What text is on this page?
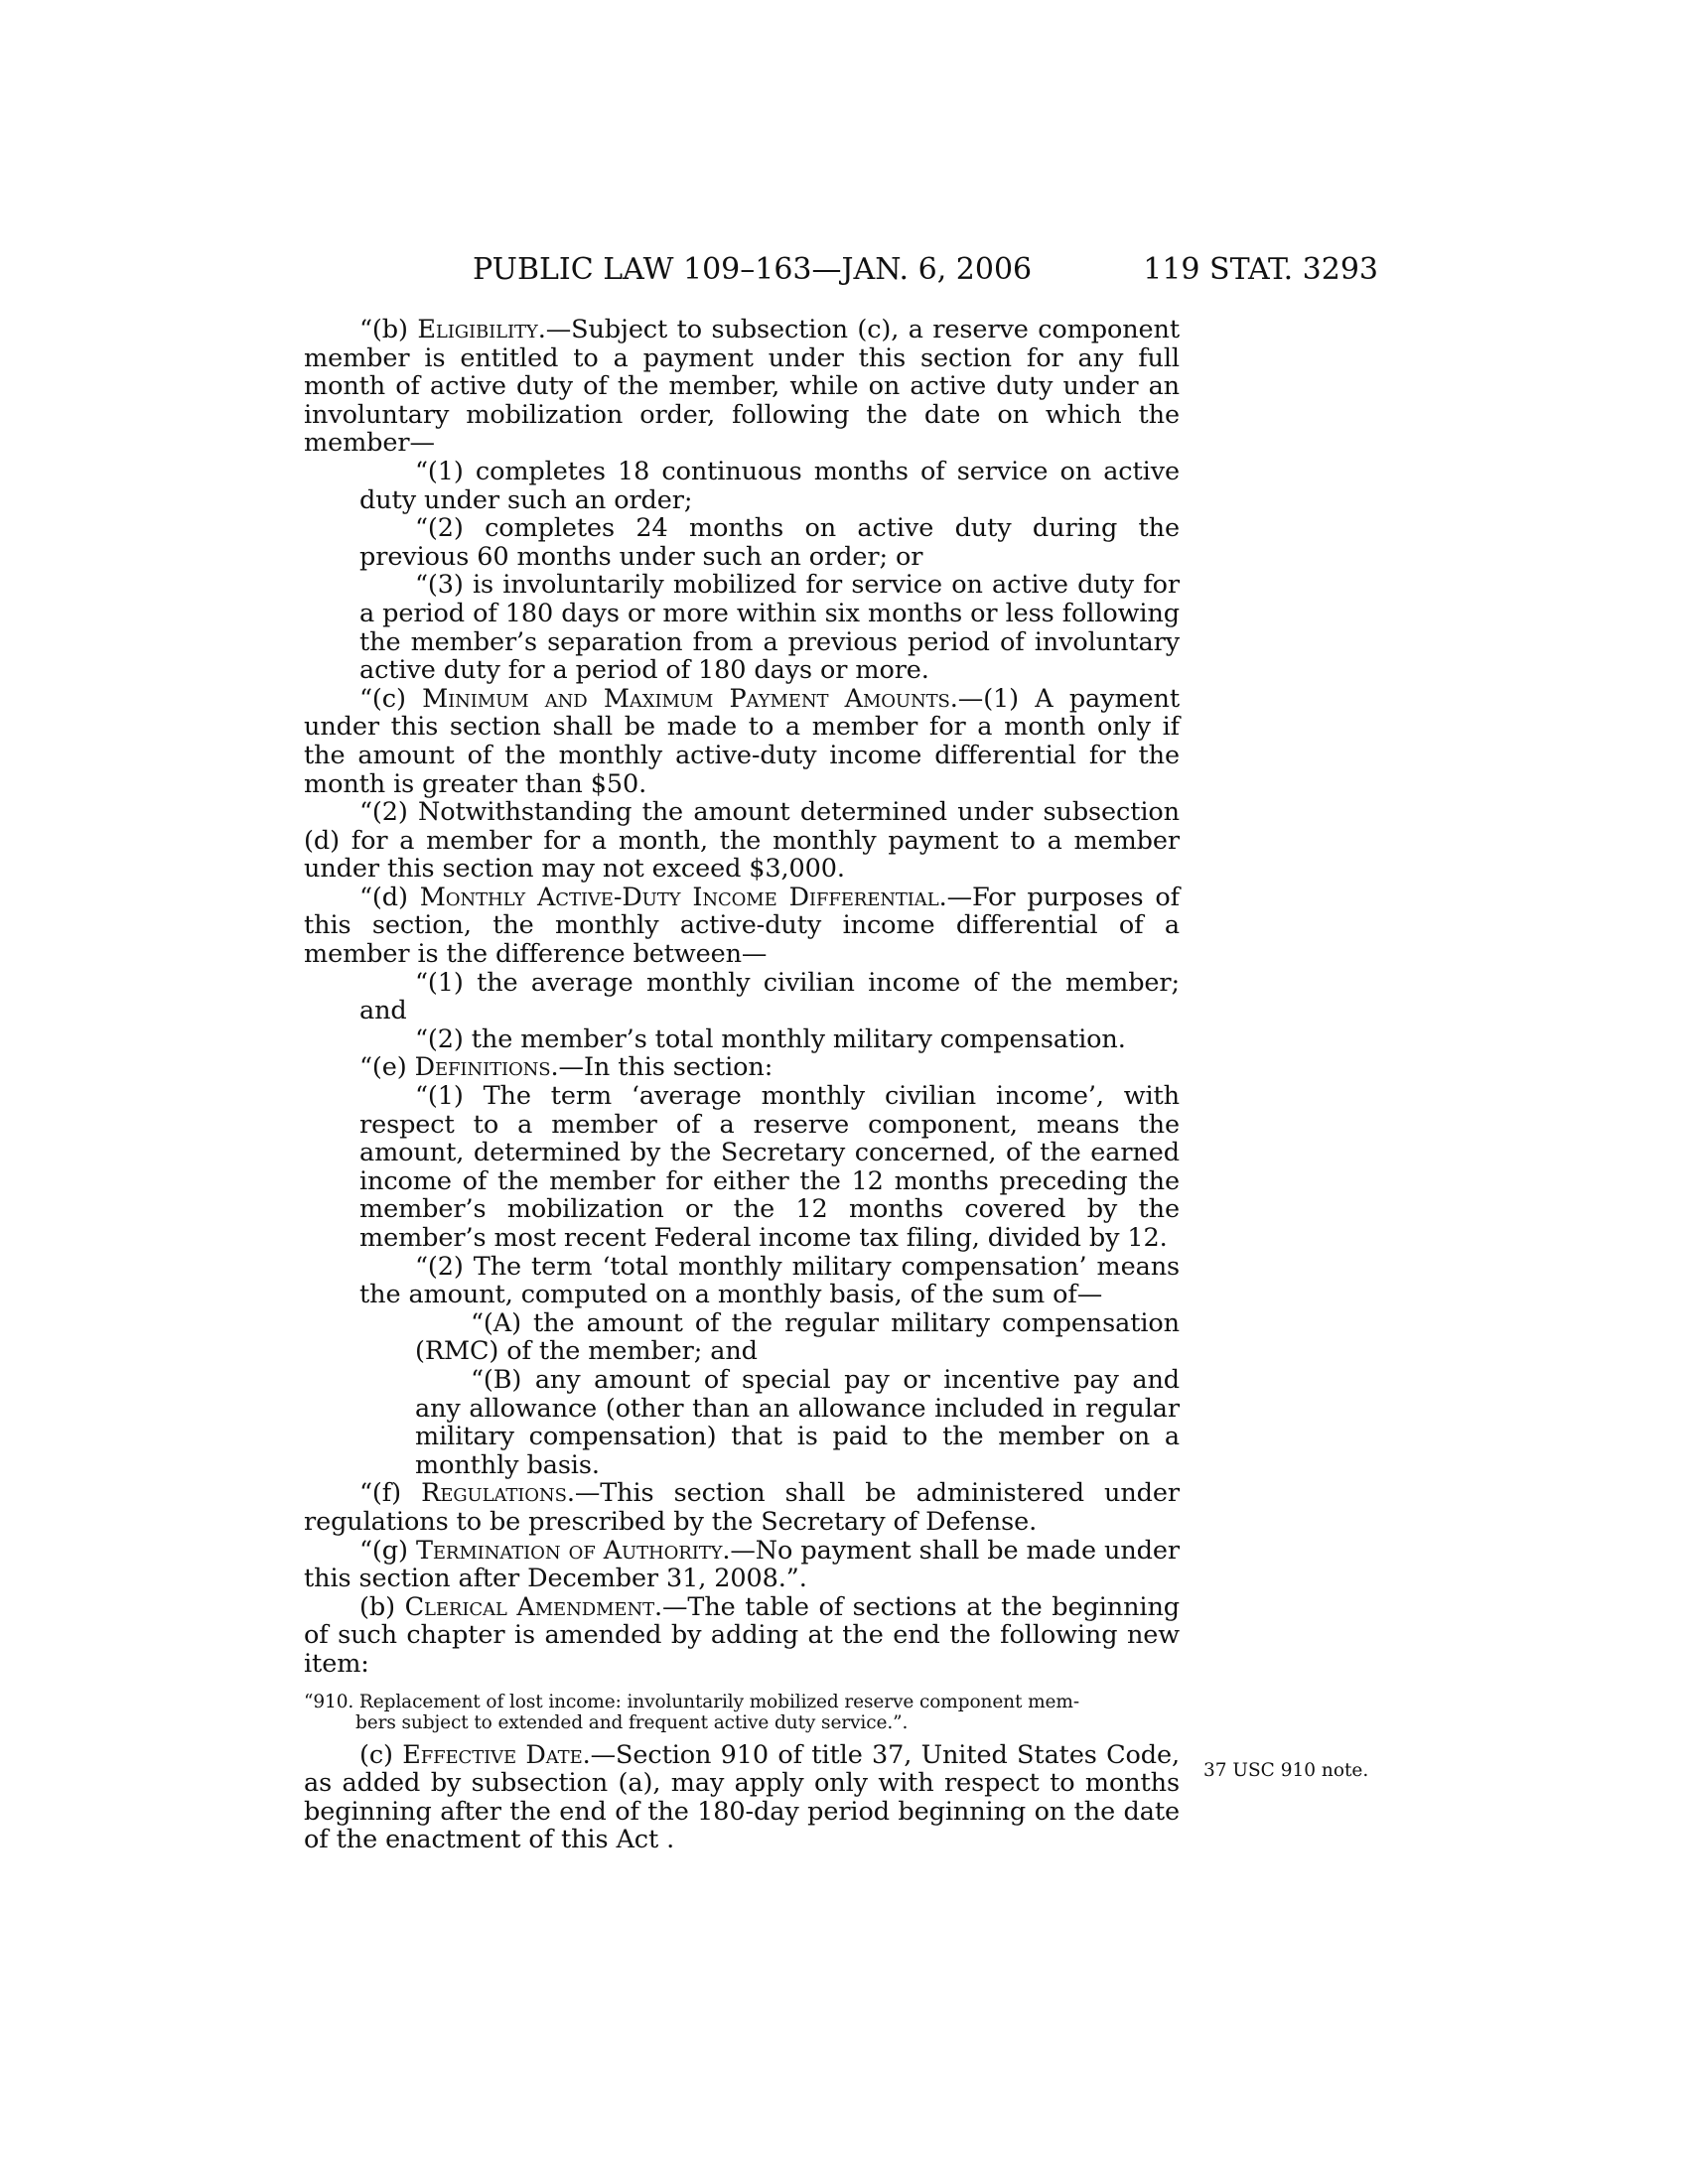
PUBLIC LAW 109–163—JAN. 6, 2006	119 STAT. 3293

“(b) Eligibility.—Subject to subsection (c), a reserve component member is entitled to a payment under this section for any full month of active duty of the member, while on active duty under an involuntary mobilization order, following the date on which the member—

“(1) completes 18 continuous months of service on active duty under such an order;

“(2) completes 24 months on active duty during the previous 60 months under such an order; or

“(3) is involuntarily mobilized for service on active duty for a period of 180 days or more within six months or less following the member’s separation from a previous period of involuntary active duty for a period of 180 days or more.

“(c) Minimum and Maximum Payment Amounts.—(1) A payment under this section shall be made to a member for a month only if the amount of the monthly active-duty income differential for the month is greater than $50.

“(2) Notwithstanding the amount determined under subsection (d) for a member for a month, the monthly payment to a member under this section may not exceed $3,000.

“(d) Monthly Active-Duty Income Differential.—For purposes of this section, the monthly active-duty income differential of a member is the difference between—

“(1) the average monthly civilian income of the member; and

“(2) the member’s total monthly military compensation.

“(e) Definitions.—In this section:

“(1) The term ‘average monthly civilian income’, with respect to a member of a reserve component, means the amount, determined by the Secretary concerned, of the earned income of the member for either the 12 months preceding the member’s mobilization or the 12 months covered by the member’s most recent Federal income tax filing, divided by 12.

“(2) The term ‘total monthly military compensation’ means the amount, computed on a monthly basis, of the sum of—

“(A) the amount of the regular military compensation (RMC) of the member; and

“(B) any amount of special pay or incentive pay and any allowance (other than an allowance included in regular military compensation) that is paid to the member on a monthly basis.

“(f) Regulations.—This section shall be administered under regulations to be prescribed by the Secretary of Defense.

“(g) Termination of Authority.—No payment shall be made under this section after December 31, 2008.”.

(b) Clerical Amendment.—The table of sections at the beginning of such chapter is amended by adding at the end the following new item:

“910. Replacement of lost income: involuntarily mobilized reserve component mem-
bers subject to extended and frequent active duty service.”.

(c) Effective Date.—Section 910 of title 37, United States Code, as added by subsection (a), may apply only with respect to months beginning after the end of the 180-day period beginning on the date of the enactment of this Act .

37 USC 910 note.
